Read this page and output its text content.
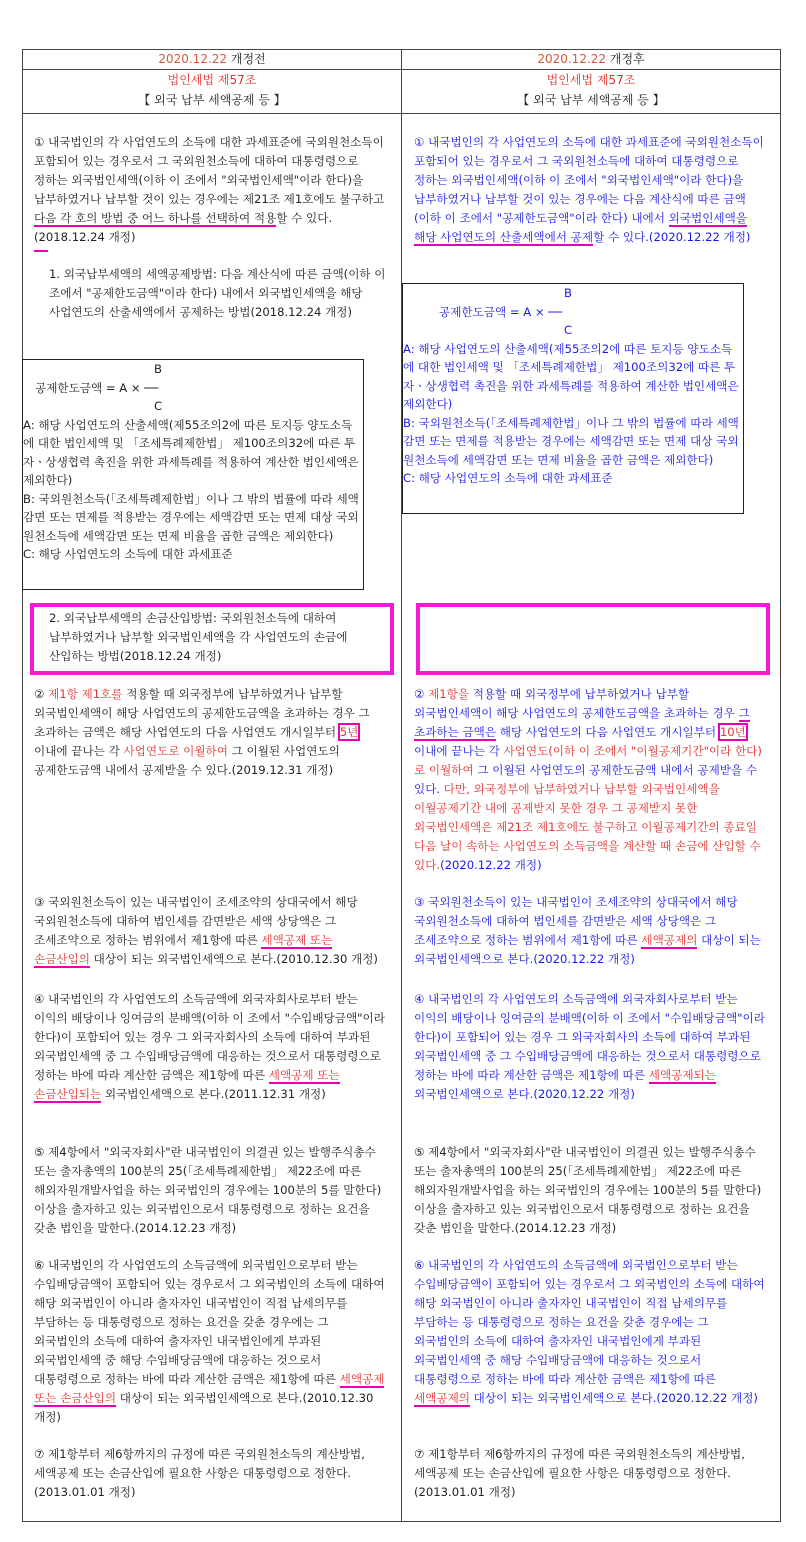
2020.12.22 개정전
법인세법 제57조
【 외국 납부 세액공제 등 】
2020.12.22 개정후
법인세법 제57조
【 외국 납부 세액공제 등 】
① 내국법인의 각 사업연도의 소득에 대한 과세표준에 국외원천소득이 포함되어 있는 경우로서 그 국외원천소득에 대하여 대통령령으로 정하는 외국법인세액(이하 이 조에서 "외국법인세액"이라 한다)을 납부하였거나 납부할 것이 있는 경우에는 제21조 제1호에도 불구하고 다음 각 호의 방법 중 어느 하나를 선택하여 적용할 수 있다.(2018.12.24 개정)
1. 외국납부세액의 세액공제방법: 다음 계산식에 따른 금액(이하 이 조에서 "공제한도금액"이라 한다) 내에서 외국법인세액을 해당 사업연도의 산출세액에서 공제하는 방법(2018.12.24 개정)
B
공제한도금액 = A × ──
C
A: 해당 사업연도의 산출세액(제55조의2에 따른 토지등 양도소득에 대한 법인세액 및 「조세특례제한법」 제100조의32에 따른 투자ㆍ상생협력 촉진을 위한 과세특례를 적용하여 계산한 법인세액은 제외한다)
B: 국외원천소득(「조세특례제한법」이나 그 밖의 법률에 따라 세액감면 또는 면제를 적용받는 경우에는 세액감면 또는 면제 대상 국외원천소득에 세액감면 또는 면제 비율을 곱한 금액은 제외한다)
C: 해당 사업연도의 소득에 대한 과세표준
2. 외국납부세액의 손금산입방법: 국외원천소득에 대하여 납부하였거나 납부할 외국법인세액을 각 사업연도의 손금에 산입하는 방법(2018.12.24 개정)
② 제1항 제1호를 적용할 때 외국정부에 납부하였거나 납부할 외국법인세액이 해당 사업연도의 공제한도금액을 초과하는 경우 그 초과하는 금액은 해당 사업연도의 다음 사업연도 개시일부터 5년 이내에 끝나는 각 사업연도로 이월하여 그 이월된 사업연도의 공제한도금액 내에서 공제받을 수 있다.(2019.12.31 개정)
③ 국외원천소득이 있는 내국법인이 조세조약의 상대국에서 해당 국외원천소득에 대하여 법인세를 감면받은 세액 상당액은 그 조세조약으로 정하는 범위에서 제1항에 따른 세액공제 또는 손금산입의 대상이 되는 외국법인세액으로 본다.(2010.12.30 개정)
④ 내국법인의 각 사업연도의 소득금액에 외국자회사로부터 받는 이익의 배당이나 잉여금의 분배액(이하 이 조에서 "수입배당금액"이라 한다)이 포함되어 있는 경우 그 외국자회사의 소득에 대하여 부과된 외국법인세액 중 그 수입배당금액에 대응하는 것으로서 대통령령으로 정하는 바에 따라 계산한 금액은 제1항에 따른 세액공제 또는 손금산입되는 외국법인세액으로 본다.(2011.12.31 개정)
⑤ 제4항에서 "외국자회사"란 내국법인이 의결권 있는 발행주식총수 또는 출자총액의 100분의 25(「조세특례제한법」 제22조에 따른 해외자원개발사업을 하는 외국법인의 경우에는 100분의 5를 말한다) 이상을 출자하고 있는 외국법인으로서 대통령령으로 정하는 요건을 갖춘 법인을 말한다.(2014.12.23 개정)
⑥ 내국법인의 각 사업연도의 소득금액에 외국법인으로부터 받는 수입배당금액이 포함되어 있는 경우로서 그 외국법인의 소득에 대하여 해당 외국법인이 아니라 출자자인 내국법인이 직접 납세의무를 부담하는 등 대통령령으로 정하는 요건을 갖춘 경우에는 그 외국법인의 소득에 대하여 출자자인 내국법인에게 부과된 외국법인세액 중 해당 수입배당금액에 대응하는 것으로서 대통령령으로 정하는 바에 따라 계산한 금액은 제1항에 따른 세액공제 또는 손금산입의 대상이 되는 외국법인세액으로 본다.(2010.12.30 개정)
⑦ 제1항부터 제6항까지의 규정에 따른 국외원천소득의 계산방법, 세액공제 또는 손금산입에 필요한 사항은 대통령령으로 정한다.(2013.01.01 개정)
① 내국법인의 각 사업연도의 소득에 대한 과세표준에 국외원천소득이 포함되어 있는 경우로서 그 국외원천소득에 대하여 대통령령으로 정하는 외국법인세액(이하 이 조에서 "외국법인세액"이라 한다)을 납부하였거나 납부할 것이 있는 경우에는 다음 계산식에 따른 금액(이하 이 조에서 "공제한도금액"이라 한다) 내에서 외국법인세액을 해당 사업연도의 산출세액에서 공제할 수 있다.(2020.12.22 개정)
B
공제한도금액 = A × ──
C
A: 해당 사업연도의 산출세액(제55조의2에 따른 토지등 양도소득에 대한 법인세액 및 「조세특례제한법」 제100조의32에 따른 투자ㆍ상생협력 촉진을 위한 과세특례를 적용하여 계산한 법인세액은 제외한다)
B: 국외원천소득(「조세특례제한법」이나 그 밖의 법률에 따라 세액감면 또는 면제를 적용받는 경우에는 세액감면 또는 면제 대상 국외원천소득에 세액감면 또는 면제 비율을 곱한 금액은 제외한다)
C: 해당 사업연도의 소득에 대한 과세표준
② 제1항을 적용할 때 외국정부에 납부하였거나 납부할 외국법인세액이 해당 사업연도의 공제한도금액을 초과하는 경우 그 초과하는 금액은 해당 사업연도의 다음 사업연도 개시일부터 10년 이내에 끝나는 각 사업연도(이하 이 조에서 "이월공제기간"이라 한다)로 이월하여 그 이월된 사업연도의 공제한도금액 내에서 공제받을 수 있다. 다만, 외국정부에 납부하였거나 납부할 외국법인세액을 이월공제기간 내에 공제받지 못한 경우 그 공제받지 못한 외국법인세액은 제21조 제1호에도 불구하고 이월공제기간의 종료일 다음 날이 속하는 사업연도의 소득금액을 계산할 때 손금에 산입할 수 있다.(2020.12.22 개정)
③ 국외원천소득이 있는 내국법인이 조세조약의 상대국에서 해당 국외원천소득에 대하여 법인세를 감면받은 세액 상당액은 그 조세조약으로 정하는 범위에서 제1항에 따른 세액공제의 대상이 되는 외국법인세액으로 본다.(2020.12.22 개정)
④ 내국법인의 각 사업연도의 소득금액에 외국자회사로부터 받는 이익의 배당이나 잉여금의 분배액(이하 이 조에서 "수입배당금액"이라 한다)이 포함되어 있는 경우 그 외국자회사의 소득에 대하여 부과된 외국법인세액 중 그 수입배당금액에 대응하는 것으로서 대통령령으로 정하는 바에 따라 계산한 금액은 제1항에 따른 세액공제되는 외국법인세액으로 본다.(2020.12.22 개정)
⑤ 제4항에서 "외국자회사"란 내국법인이 의결권 있는 발행주식총수 또는 출자총액의 100분의 25(「조세특례제한법」 제22조에 따른 해외자원개발사업을 하는 외국법인의 경우에는 100분의 5를 말한다) 이상을 출자하고 있는 외국법인으로서 대통령령으로 정하는 요건을 갖춘 법인을 말한다.(2014.12.23 개정)
⑥ 내국법인의 각 사업연도의 소득금액에 외국법인으로부터 받는 수입배당금액이 포함되어 있는 경우로서 그 외국법인의 소득에 대하여 해당 외국법인이 아니라 출자자인 내국법인이 직접 납세의무를 부담하는 등 대통령령으로 정하는 요건을 갖춘 경우에는 그 외국법인의 소득에 대하여 출자자인 내국법인에게 부과된 외국법인세액 중 해당 수입배당금액에 대응하는 것으로서 대통령령으로 정하는 바에 따라 계산한 금액은 제1항에 따른 세액공제의 대상이 되는 외국법인세액으로 본다.(2020.12.22 개정)
⑦ 제1항부터 제6항까지의 규정에 따른 국외원천소득의 계산방법, 세액공제 또는 손금산입에 필요한 사항은 대통령령으로 정한다.(2013.01.01 개정)
